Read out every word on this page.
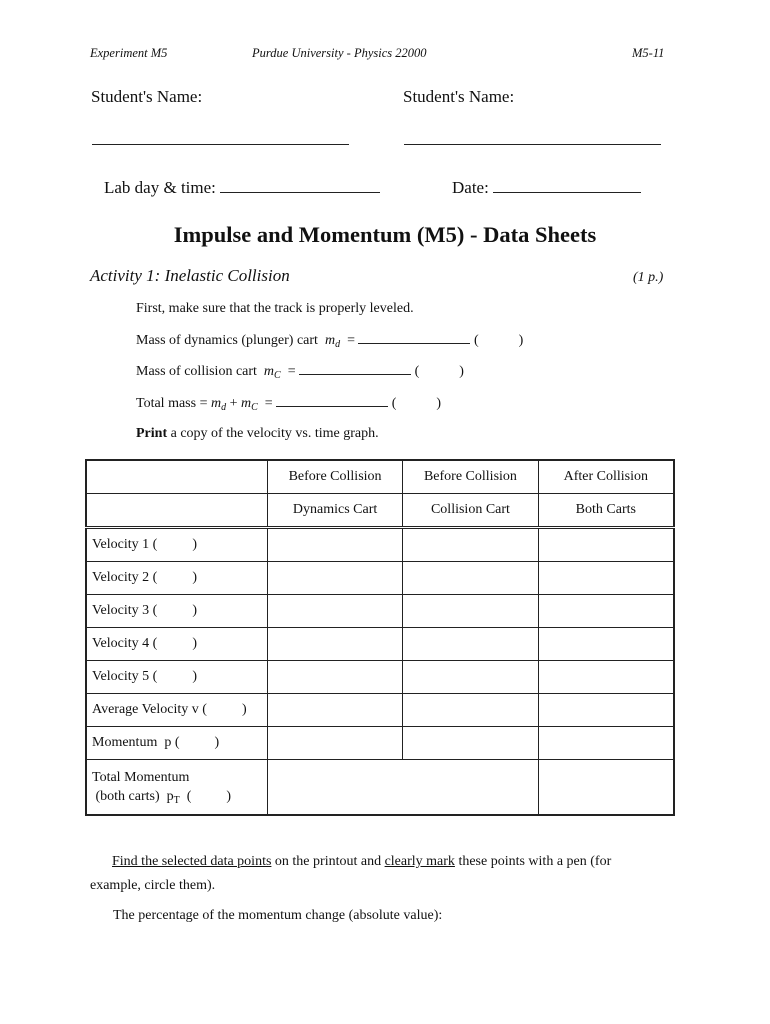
Experiment M5	Purdue University - Physics 22000	M5-11
Student's Name:	Student's Name:
Lab day & time:	Date:
Impulse and Momentum (M5) - Data Sheets
Activity 1: Inelastic Collision	(1 p.)
First, make sure that the track is properly leveled.
Mass of dynamics (plunger) cart $m_d$ =	(	)
Mass of collision cart $m_C$ =	(	)
Total mass = $m_d + m_C$ =	(	)
Print a copy of the velocity vs. time graph.
	Before Collision	Before Collision	After Collision
	Dynamics Cart	Collision Cart	Both Carts
Velocity 1 (          )			
Velocity 2 (          )			
Velocity 3 (          )			
Velocity 4 (          )			
Velocity 5 (          )			
Average Velocity v (          )			
Momentum  p (          )			
Total Momentum
(both carts)  $p_T$  (          )			
Find the selected data points on the printout and clearly mark these points with a pen (for
example, circle them).
The percentage of the momentum change (absolute value):
